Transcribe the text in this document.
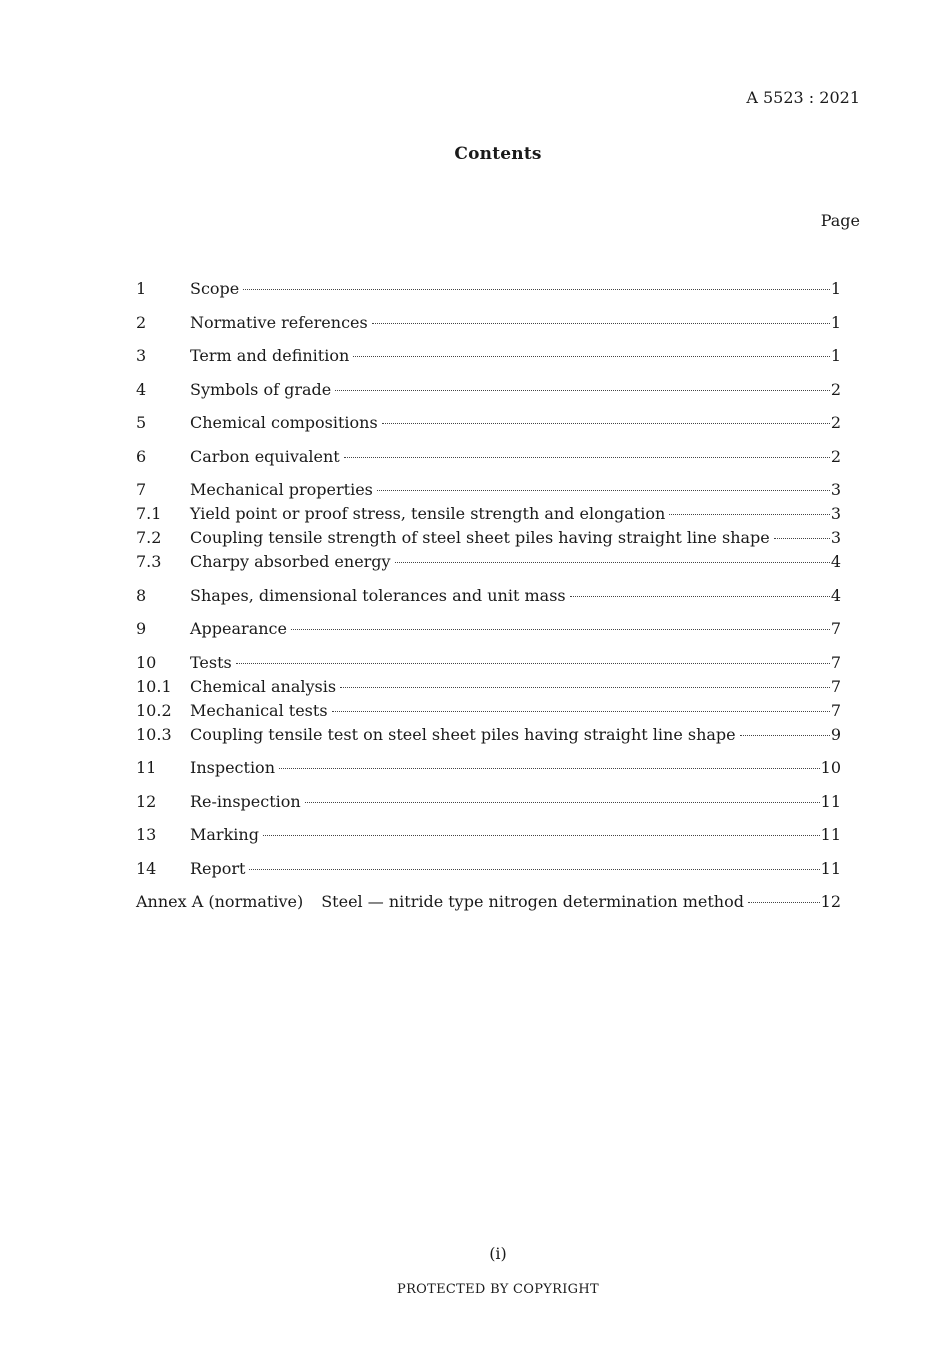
A 5523 : 2021
Contents
Page
1	Scope	1
2	Normative references	1
3	Term and definition	1
4	Symbols of grade	2
5	Chemical compositions	2
6	Carbon equivalent	2
7	Mechanical properties	3
7.1	Yield point or proof stress, tensile strength and elongation	3
7.2	Coupling tensile strength of steel sheet piles having straight line shape	3
7.3	Charpy absorbed energy	4
8	Shapes, dimensional tolerances and unit mass	4
9	Appearance	7
10	Tests	7
10.1	Chemical analysis	7
10.2	Mechanical tests	7
10.3	Coupling tensile test on steel sheet piles having straight line shape	9
11	Inspection	10
12	Re-inspection	11
13	Marking	11
14	Report	11
Annex A (normative)	Steel — nitride type nitrogen determination method	12
(i)
PROTECTED BY COPYRIGHT
